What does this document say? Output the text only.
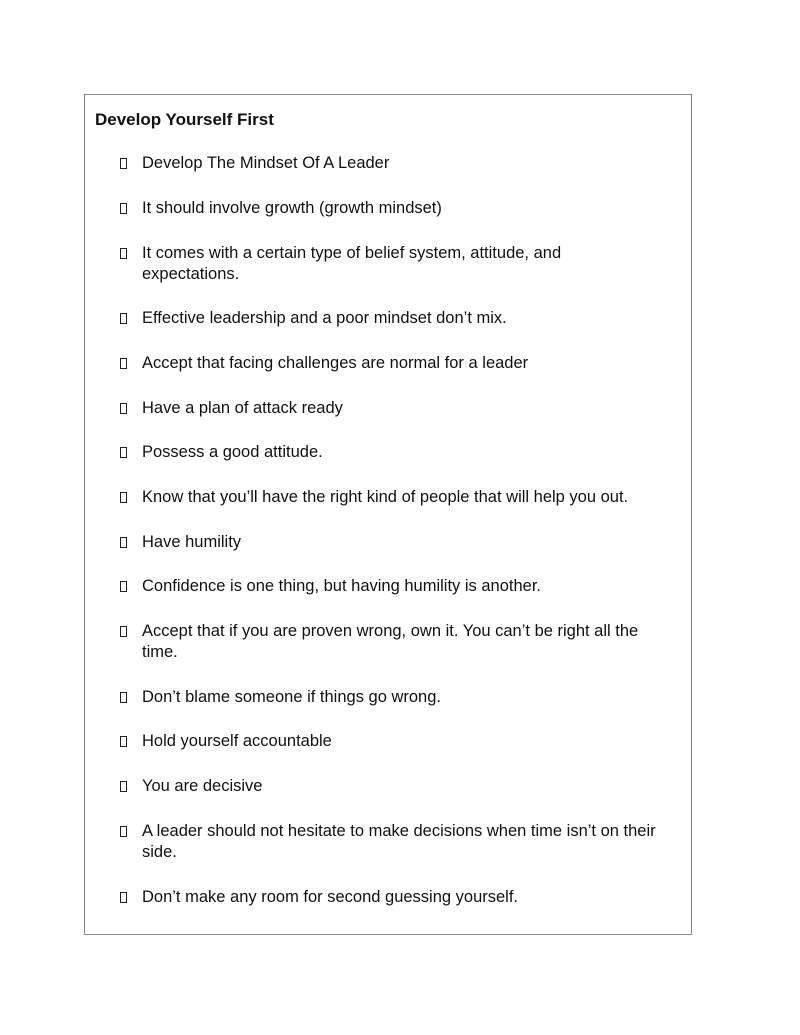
Develop Yourself First
Develop The Mindset Of A Leader
It should involve growth (growth mindset)
It comes with a certain type of belief system, attitude, and expectations.
Effective leadership and a poor mindset don’t mix.
Accept that facing challenges are normal for a leader
Have a plan of attack ready
Possess a good attitude.
Know that you’ll have the right kind of people that will help you out.
Have humility
Confidence is one thing, but having humility is another.
Accept that if you are proven wrong, own it. You can’t be right all the time.
Don’t blame someone if things go wrong.
Hold yourself accountable
You are decisive
A leader should not hesitate to make decisions when time isn’t on their side.
Don’t make any room for second guessing yourself.
